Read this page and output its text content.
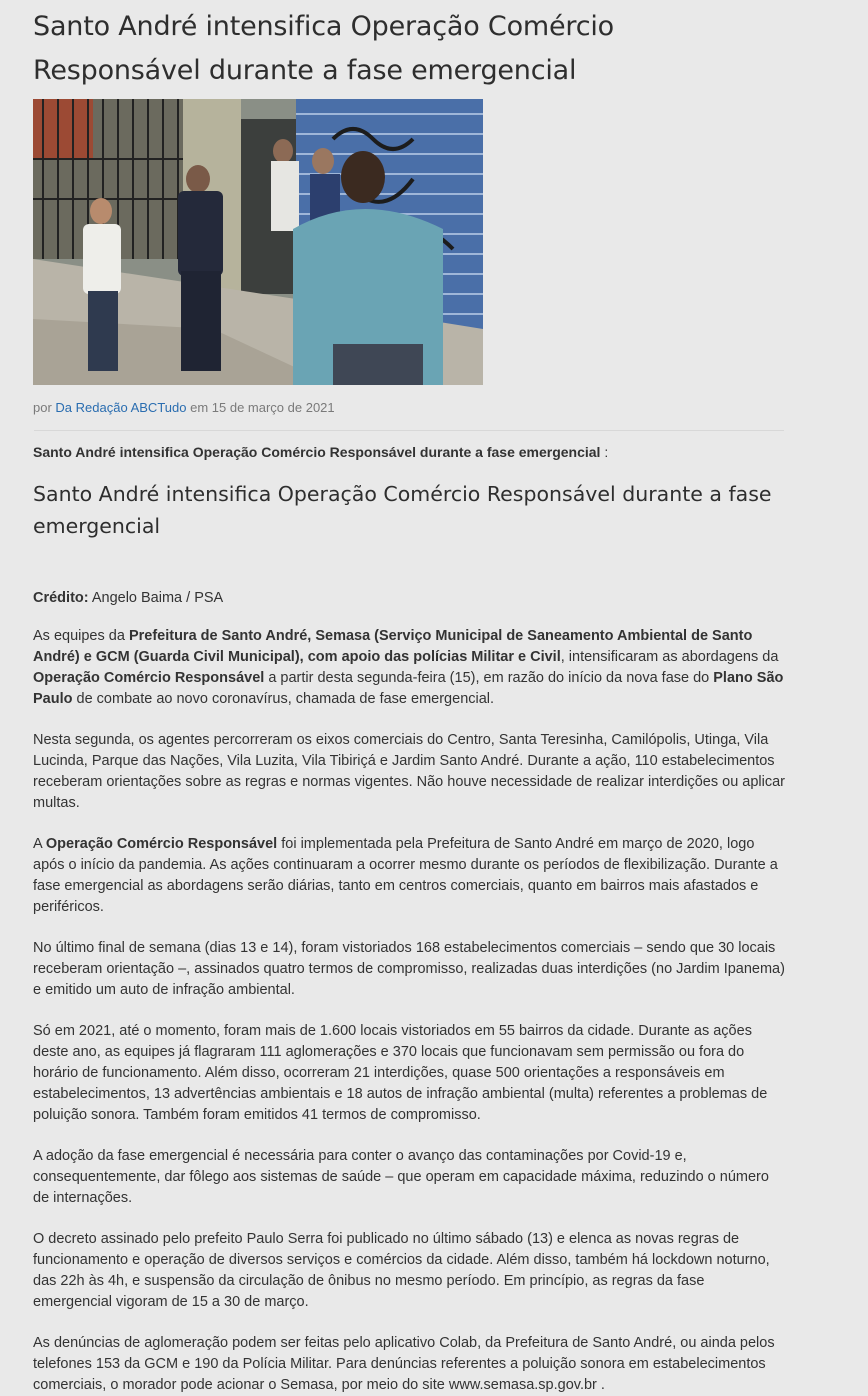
Santo André intensifica Operação Comércio Responsável durante a fase emergencial
por Da Redação ABCTudo em 15 de março de 2021
Santo André intensifica Operação Comércio Responsável durante a fase emergencial :
Santo André intensifica Operação Comércio Responsável durante a fase emergencial
Crédito: Angelo Baima / PSA

As equipes da Prefeitura de Santo André, Semasa (Serviço Municipal de Saneamento Ambiental de Santo André) e GCM (Guarda Civil Municipal), com apoio das polícias Militar e Civil, intensificaram as abordagens da Operação Comércio Responsável a partir desta segunda-feira (15), em razão do início da nova fase do Plano São Paulo de combate ao novo coronavírus, chamada de fase emergencial.

Nesta segunda, os agentes percorreram os eixos comerciais do Centro, Santa Teresinha, Camilópolis, Utinga, Vila Lucinda, Parque das Nações, Vila Luzita, Vila Tibiriçá e Jardim Santo André. Durante a ação, 110 estabelecimentos receberam orientações sobre as regras e normas vigentes. Não houve necessidade de realizar interdições ou aplicar multas.

A Operação Comércio Responsável foi implementada pela Prefeitura de Santo André em março de 2020, logo após o início da pandemia. As ações continuaram a ocorrer mesmo durante os períodos de flexibilização. Durante a fase emergencial as abordagens serão diárias, tanto em centros comerciais, quanto em bairros mais afastados e periféricos.

No último final de semana (dias 13 e 14), foram vistoriados 168 estabelecimentos comerciais – sendo que 30 locais receberam orientação –, assinados quatro termos de compromisso, realizadas duas interdições (no Jardim Ipanema) e emitido um auto de infração ambiental.

Só em 2021, até o momento, foram mais de 1.600 locais vistoriados em 55 bairros da cidade. Durante as ações deste ano, as equipes já flagraram 111 aglomerações e 370 locais que funcionavam sem permissão ou fora do horário de funcionamento. Além disso, ocorreram 21 interdições, quase 500 orientações a responsáveis em estabelecimentos, 13 advertências ambientais e 18 autos de infração ambiental (multa) referentes a problemas de poluição sonora. Também foram emitidos 41 termos de compromisso.

A adoção da fase emergencial é necessária para conter o avanço das contaminações por Covid-19 e, consequentemente, dar fôlego aos sistemas de saúde – que operam em capacidade máxima, reduzindo o número de internações.

O decreto assinado pelo prefeito Paulo Serra foi publicado no último sábado (13) e elenca as novas regras de funcionamento e operação de diversos serviços e comércios da cidade. Além disso, também há lockdown noturno, das 22h às 4h, e suspensão da circulação de ônibus no mesmo período. Em princípio, as regras da fase emergencial vigoram de 15 a 30 de março.

As denúncias de aglomeração podem ser feitas pelo aplicativo Colab, da Prefeitura de Santo André, ou ainda pelos telefones 153 da GCM e 190 da Polícia Militar. Para denúncias referentes a poluição sonora em estabelecimentos comerciais, o morador pode acionar o Semasa, por meio do site www.semasa.sp.gov.br .
